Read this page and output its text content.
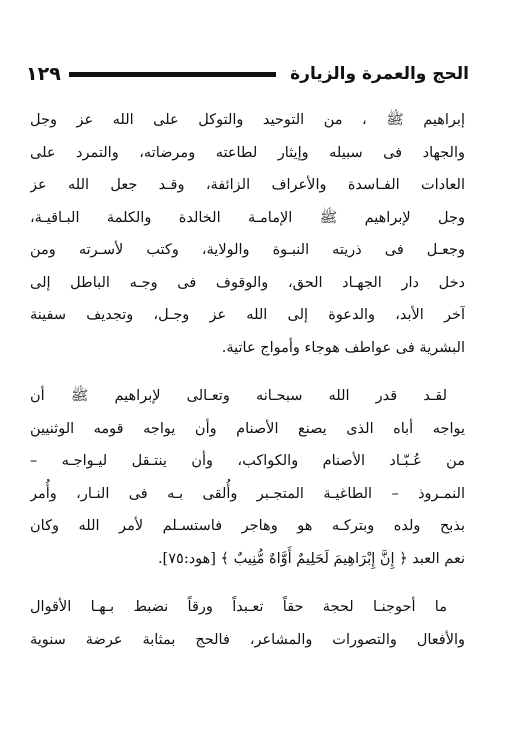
الحج والعمرة والزيارة
١٢٩
إبراهيم ﷺ ، من التوحيد والتوكل على الله عز وجل
والجهاد فى سبيله وإيثار لطاعته ومرضاته، والتمرد على
العادات الفـاسدة والأعراف الزائفة، وقـد جعل الله عز
وجل لإبراهيم ﷺ الإمامـة الخالدة والكلمة البـاقيـة،
وجعـل فى ذريته النبـوة والولاية، وكتب لأسـرته ومن
دخل دار الجهـاد الحق، والوقوف فى وجـه الباطل إلى
آخر الأبد، والدعوة إلى الله عز وجـل، وتجديف سفينة
البشرية فى عواطف هوجاء وأمواج عاتية.
لقـد قدر الله سبحـانه وتعـالى لإبراهيم ﷺ أن
يواجه أباه الذى يصنع الأصنام وأن يواجه قومه الوثنيين
من عُـبّـاد الأصنام والكواكب، وأن ينتـقل ليـواجـه –
النمـروذ – الطاغيـة المتجـبر وأُلقى بـه فى النـار، وأُمر
بذبح ولده وبتركـه هو وهاجر فاستسـلم لأمر الله وكان
نعم العبد ﴿ إِنَّ إِبْرَاهِيمَ لَحَلِيمٌ أَوَّاهٌ مُّنِيبٌ ﴾ [هود:٧٥].
ما أحوجنـا لحجة حقاً تعـبداً ورقاً نضبط بـهـا الأقوال
والأفعال والتصورات والمشاعر، فالحج بمثابة عرضة سنوية
